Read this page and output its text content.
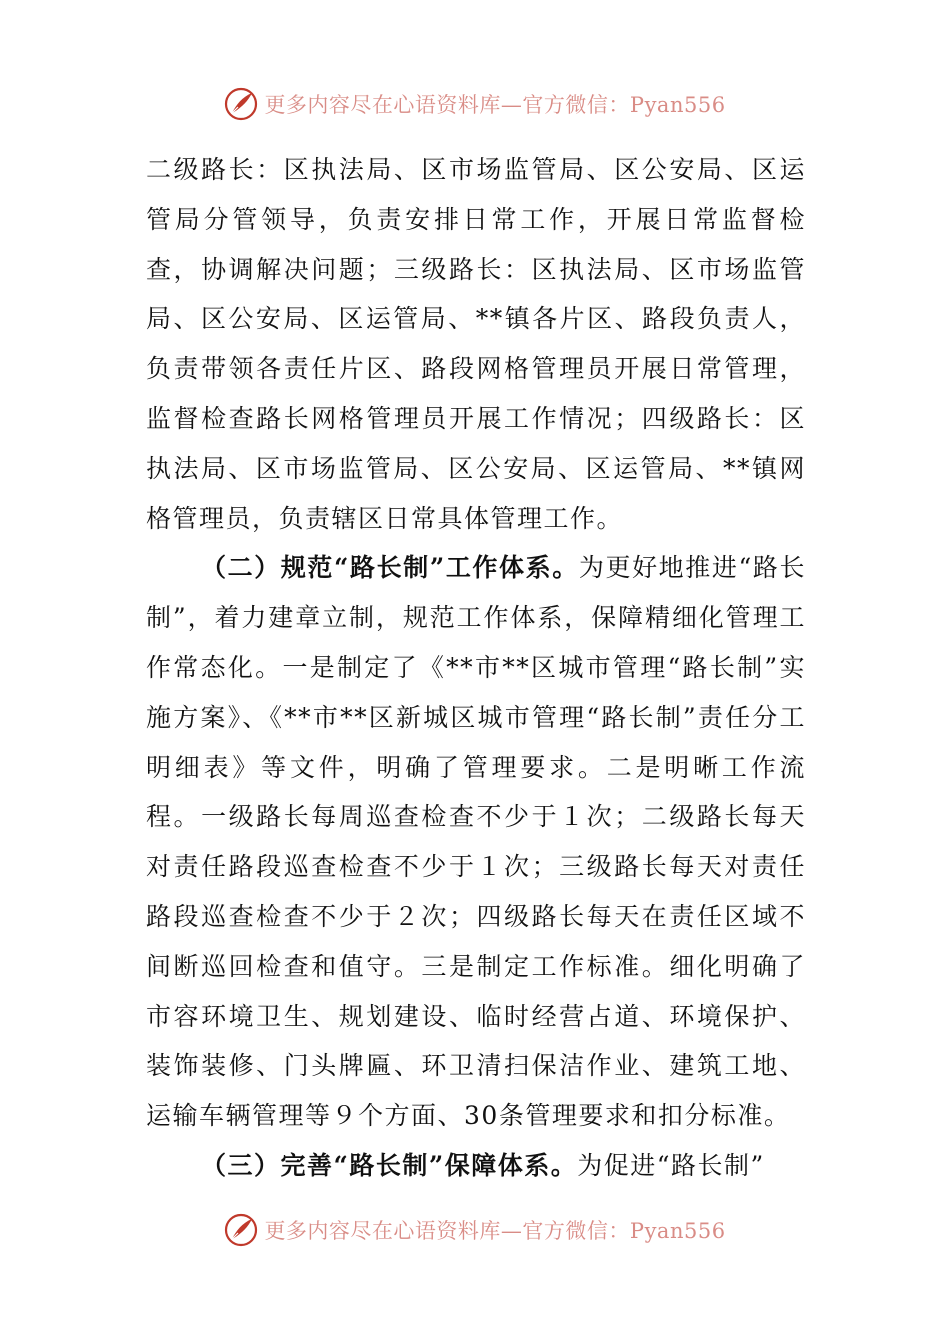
更多内容尽在心语资料库—官方微信：Pyan556

二级路长：区执法局、区市场监管局、区公安局、区运管局分管领导，负责安排日常工作，开展日常监督检查，协调解决问题；三级路长：区执法局、区市场监管局、区公安局、区运管局、**镇各片区、路段负责人，负责带领各责任片区、路段网格管理员开展日常管理，监督检查路长网格管理员开展工作情况；四级路长：区执法局、区市场监管局、区公安局、区运管局、**镇网格管理员，负责辖区日常具体管理工作。

（二）规范“路长制”工作体系。为更好地推进“路长制”，着力建章立制，规范工作体系，保障精细化管理工作常态化。一是制定了《**市**区城市管理“路长制”实施方案》、《**市**区新城区城市管理“路长制”责任分工明细表》等文件，明确了管理要求。二是明晰工作流程。一级路长每周巡查检查不少于１次；二级路长每天对责任路段巡查检查不少于１次；三级路长每天对责任路段巡查检查不少于２次；四级路长每天在责任区域不间断巡回检查和值守。三是制定工作标准。细化明确了市容环境卫生、规划建设、临时经营占道、环境保护、装饰装修、门头牌匾、环卫清扫保洁作业、建筑工地、运输车辆管理等９个方面、30条管理要求和扣分标准。

（三）完善“路长制”保障体系。为促进“路长制”

更多内容尽在心语资料库—官方微信：Pyan556
